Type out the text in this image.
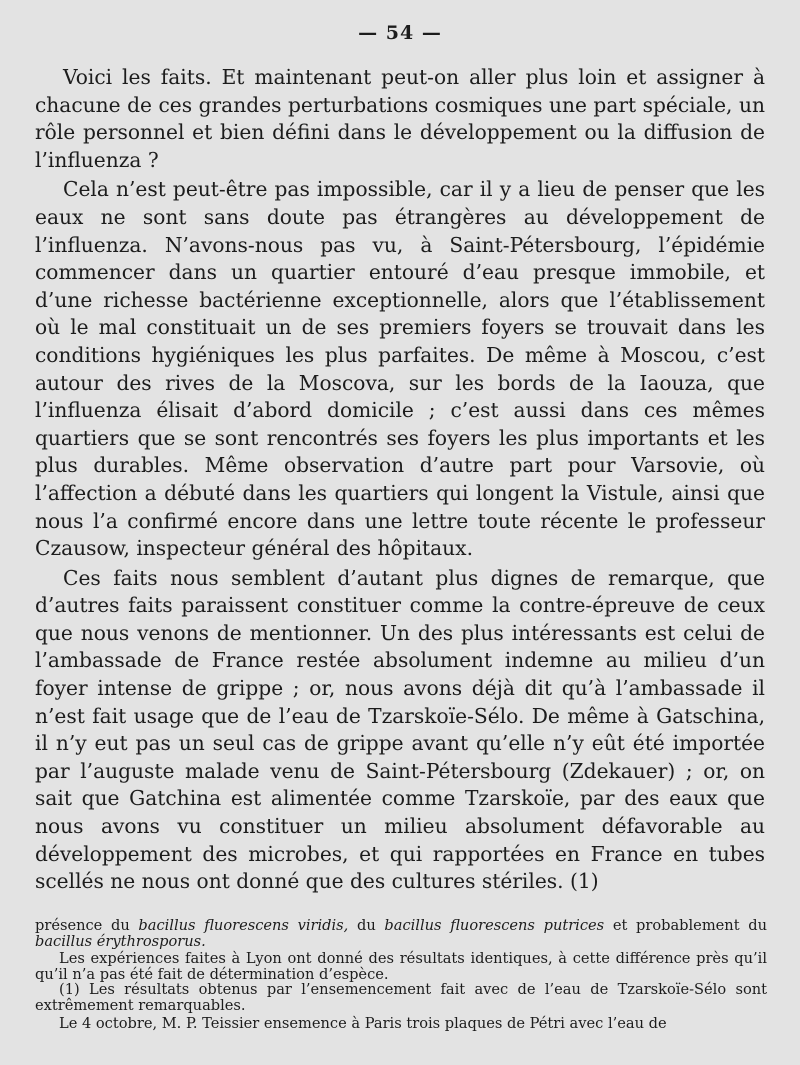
— 54 —

Voici les faits. Et maintenant peut-on aller plus loin et assigner à chacune de ces grandes perturbations cosmiques une part spéciale, un rôle personnel et bien défini dans le développement ou la diffusion de l’influenza ?

Cela n’est peut-être pas impossible, car il y a lieu de penser que les eaux ne sont sans doute pas étrangères au développement de l’influenza. N’avons-nous pas vu, à Saint-Pétersbourg, l’épidémie commencer dans un quartier entouré d’eau presque immobile, et d’une richesse bactérienne exceptionnelle, alors que l’établissement où le mal constituait un de ses premiers foyers se trouvait dans les conditions hygiéniques les plus parfaites. De même à Moscou, c’est autour des rives de la Moscova, sur les bords de la Iaouza, que l’influenza élisait d’abord domicile ; c’est aussi dans ces mêmes quartiers que se sont rencontrés ses foyers les plus importants et les plus durables. Même observation d’autre part pour Varsovie, où l’affection a débuté dans les quartiers qui longent la Vistule, ainsi que nous l’a confirmé encore dans une lettre toute récente le professeur Czausow, inspecteur général des hôpitaux.

Ces faits nous semblent d’autant plus dignes de remarque, que d’autres faits paraissent constituer comme la contre-épreuve de ceux que nous venons de mentionner. Un des plus intéressants est celui de l’ambassade de France restée absolument indemne au milieu d’un foyer intense de grippe ; or, nous avons déjà dit qu’à l’ambassade il n’est fait usage que de l’eau de Tzarskoïe-Sélo. De même à Gatschina, il n’y eut pas un seul cas de grippe avant qu’elle n’y eût été importée par l’auguste malade venu de Saint-Pétersbourg (Zdekauer) ; or, on sait que Gatchina est alimentée comme Tzarskoïe, par des eaux que nous avons vu constituer un milieu absolument défavorable au développement des microbes, et qui rapportées en France en tubes scellés ne nous ont donné que des cultures stériles. (1)

présence du bacillus fluorescens viridis, du bacillus fluorescens putrices et probablement du bacillus érythrosporus.

Les expériences faites à Lyon ont donné des résultats identiques, à cette différence près qu’il qu’il n’a pas été fait de détermination d’espèce.

(1) Les résultats obtenus par l’ensemencement fait avec de l’eau de Tzarskoïe-Sélo sont extrêmement remarquables.

Le 4 octobre, M. P. Teissier ensemence à Paris trois plaques de Pétri avec l’eau de
